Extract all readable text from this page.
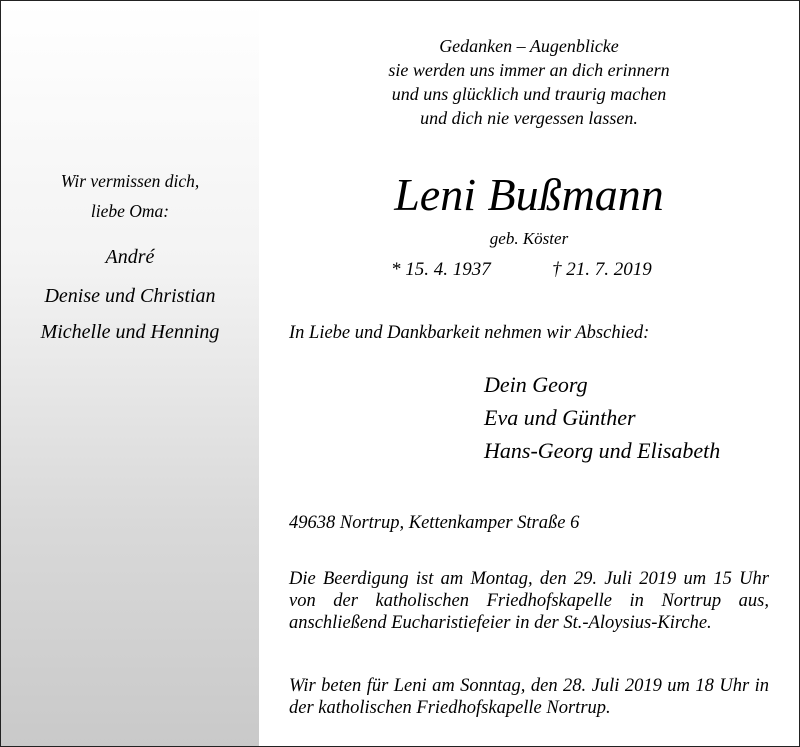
Wir vermissen dich,
liebe Oma:
André
Denise und Christian
Michelle und Henning
Gedanken – Augenblicke
sie werden uns immer an dich erinnern
und uns glücklich und traurig machen
und dich nie vergessen lassen.
Leni Bußmann
geb. Köster
* 15. 4. 1937	† 21. 7. 2019
In Liebe und Dankbarkeit nehmen wir Abschied:
Dein Georg
Eva und Günther
Hans-Georg und Elisabeth
49638 Nortrup, Kettenkamper Straße 6
Die Beerdigung ist am Montag, den 29. Juli 2019 um 15 Uhr von der katholischen Friedhofskapelle in Nortrup aus, anschließend Eucharistiefeier in der St.-Aloysius-Kirche.
Wir beten für Leni am Sonntag, den 28. Juli 2019 um 18 Uhr in der katholischen Friedhofskapelle Nortrup.
